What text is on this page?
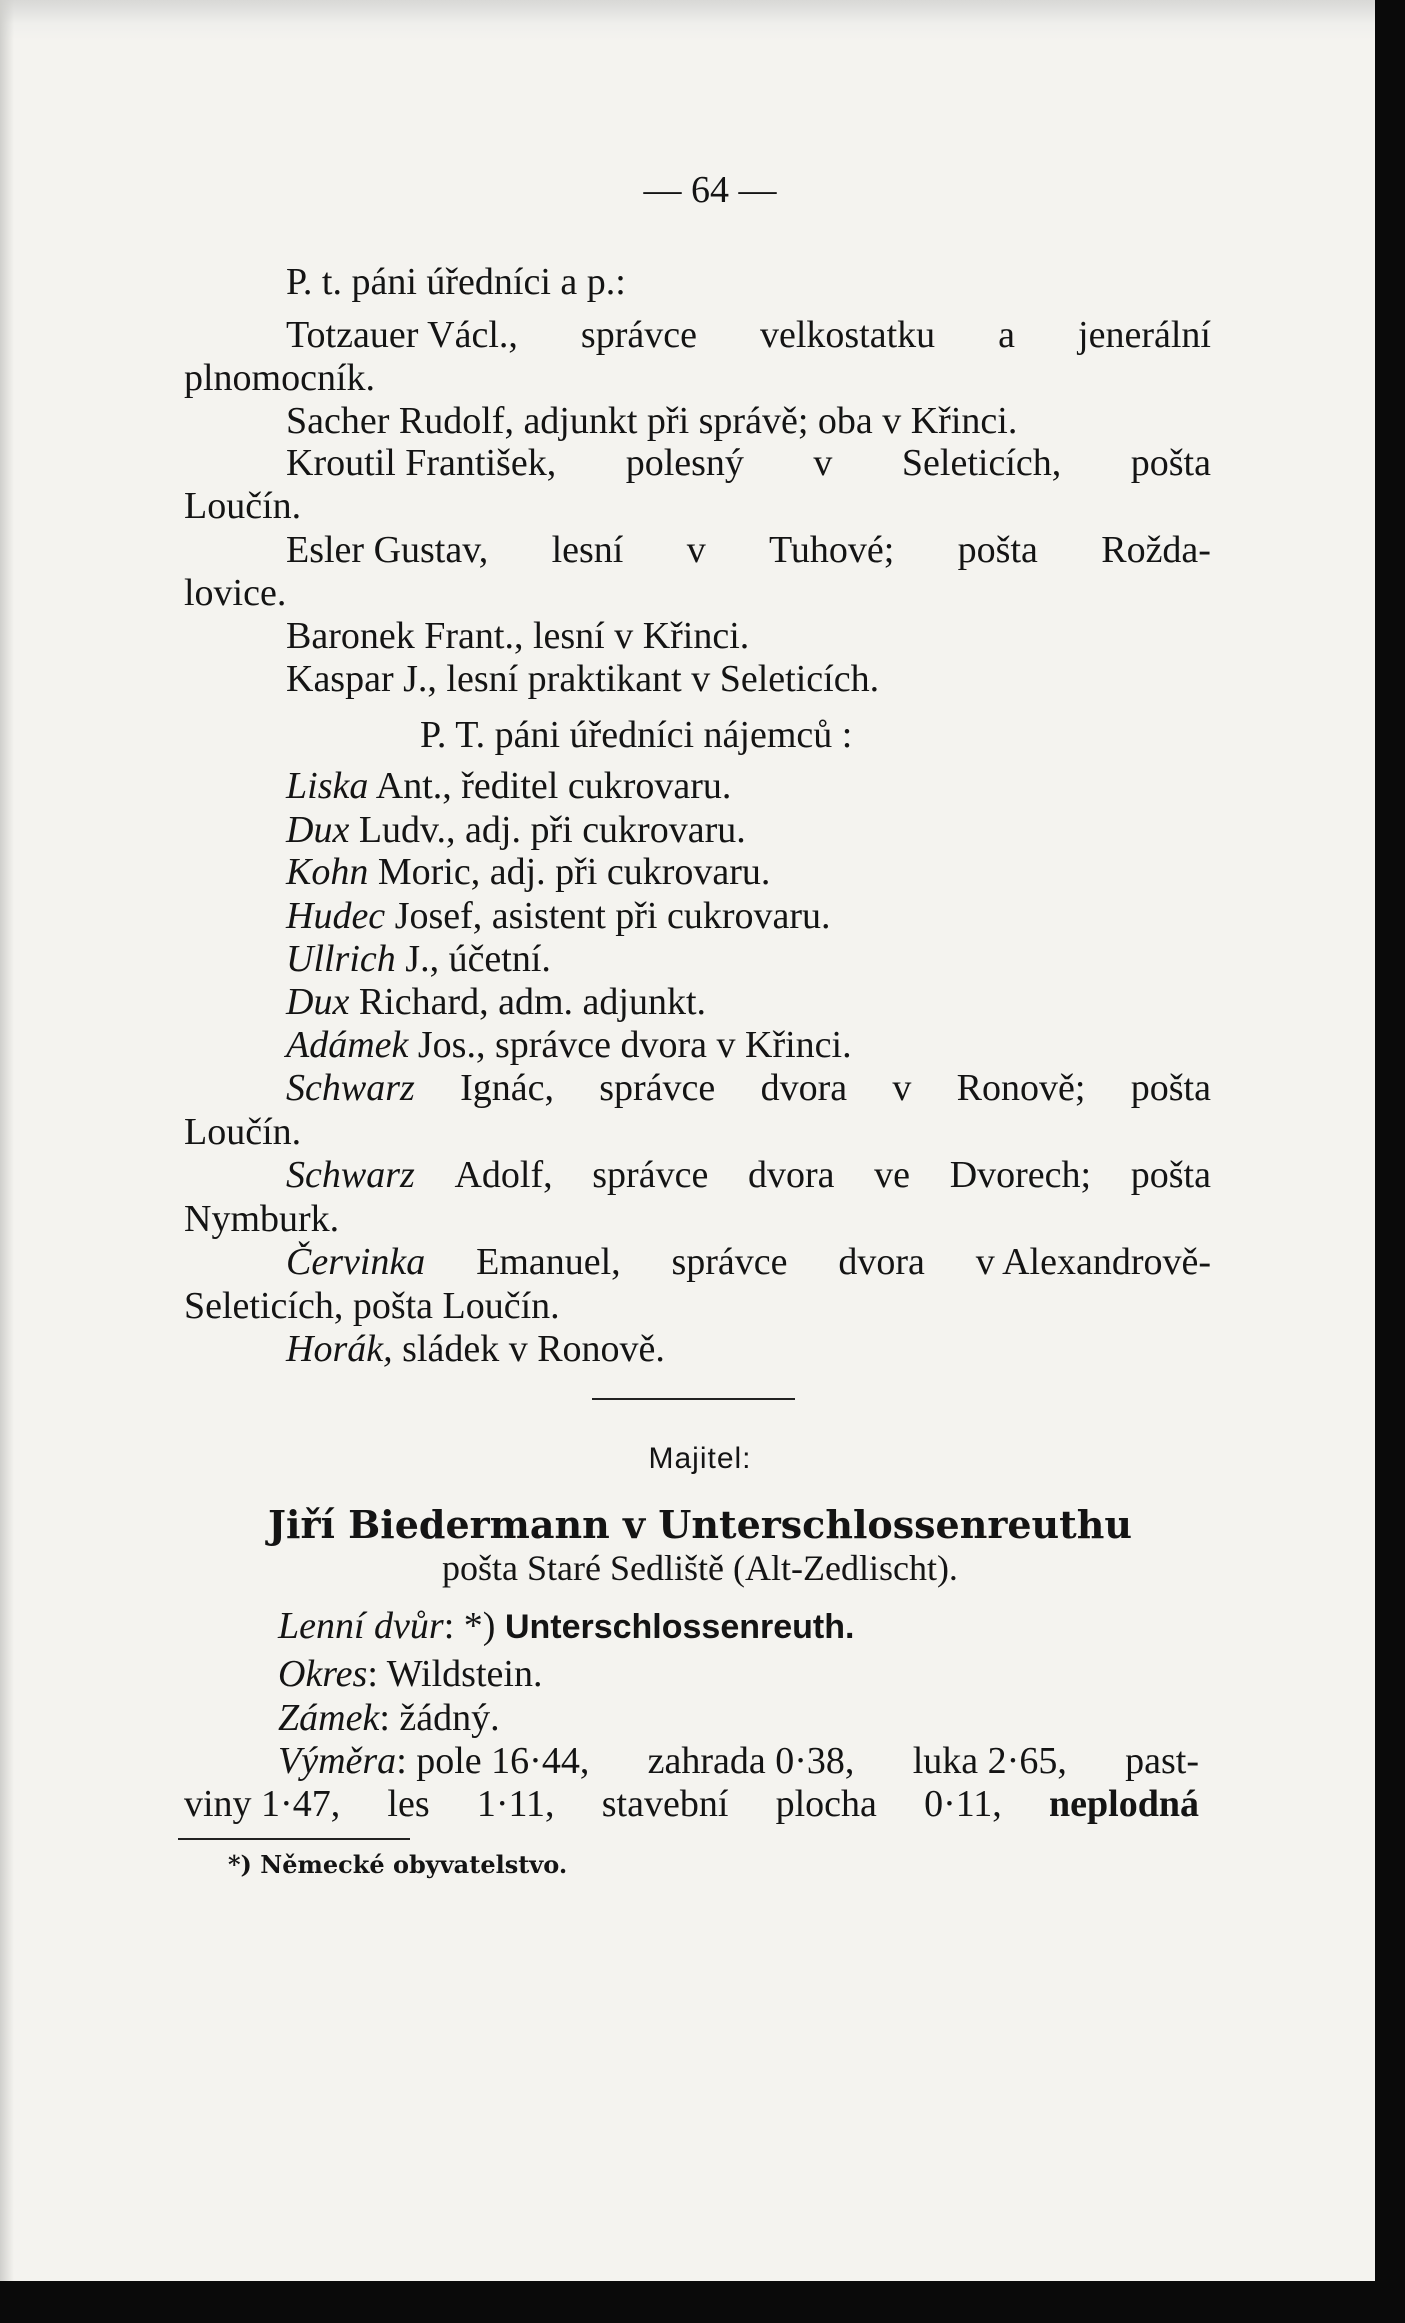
— 64 —
P. t. páni úředníci a p.:
Totzauer Václ., správce velkostatku a jenerální
plnomocník.
Sacher Rudolf, adjunkt při správě; oba v Křinci.
Kroutil František, polesný v Seleticích, pošta
Loučín.
Esler Gustav, lesní v Tuhové; pošta Rožda-
lovice.
Baronek Frant., lesní v Křinci.
Kaspar J., lesní praktikant v Seleticích.
P. T. páni úředníci nájemců :
Liska Ant., ředitel cukrovaru.
Dux Ludv., adj. při cukrovaru.
Kohn Moric, adj. při cukrovaru.
Hudec Josef, asistent při cukrovaru.
Ullrich J., účetní.
Dux Richard, adm. adjunkt.
Adámek Jos., správce dvora v Křinci.
Schwarz Ignác, správce dvora v Ronově; pošta
Loučín.
Schwarz Adolf, správce dvora ve Dvorech; pošta
Nymburk.
Červinka Emanuel, správce dvora v Alexandrově-
Seleticích, pošta Loučín.
Horák, sládek v Ronově.
Majitel:
Jiří Biedermann v Unterschlossenreuthu
pošta Staré Sedliště (Alt-Zedlischt).
Lenní dvůr: *) Unterschlossenreuth.
Okres: Wildstein.
Zámek: žádný.
Výměra: pole 16·44, zahrada 0·38, luka 2·65, past-
viny 1·47, les 1·11, stavební plocha 0·11, neplodná
*) Německé obyvatelstvo.
